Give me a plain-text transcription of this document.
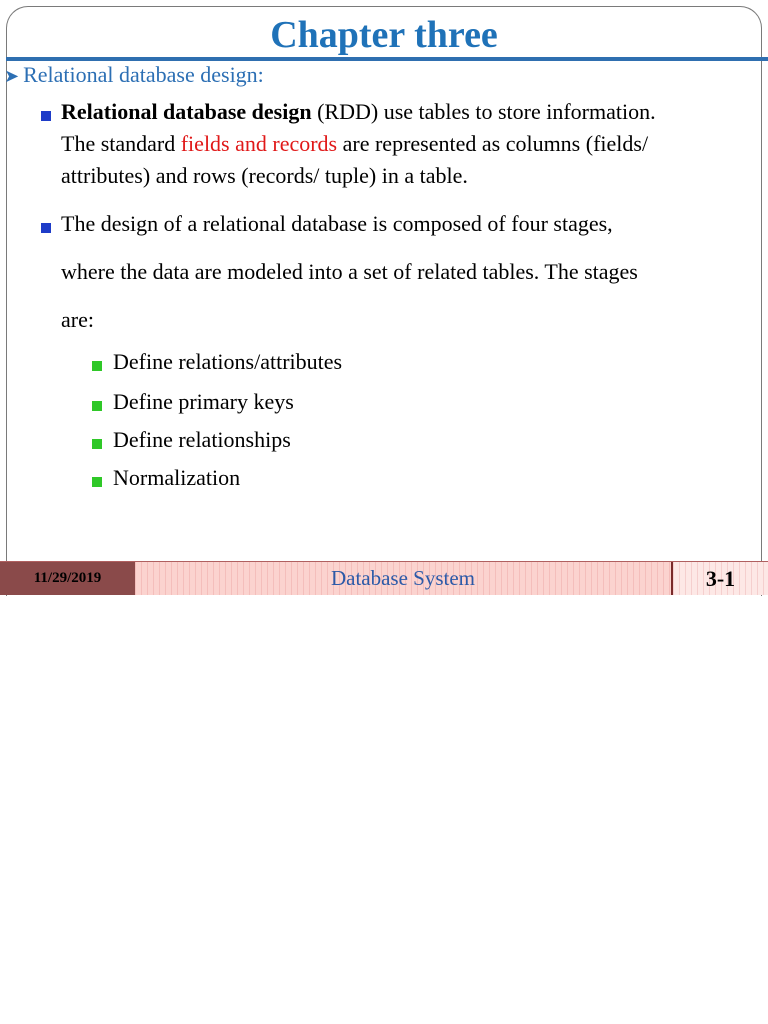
Chapter three
➤ Relational database design:
Relational database design (RDD) use tables to store information.
The standard fields and records are represented as columns (fields/
attributes) and rows (records/ tuple) in a table.
The design of a relational database is composed of four stages,
where the data are modeled into a set of related tables. The stages
are:
Define relations/attributes
Define primary keys
Define relationships
Normalization
11/29/2019	Database System	3-1
